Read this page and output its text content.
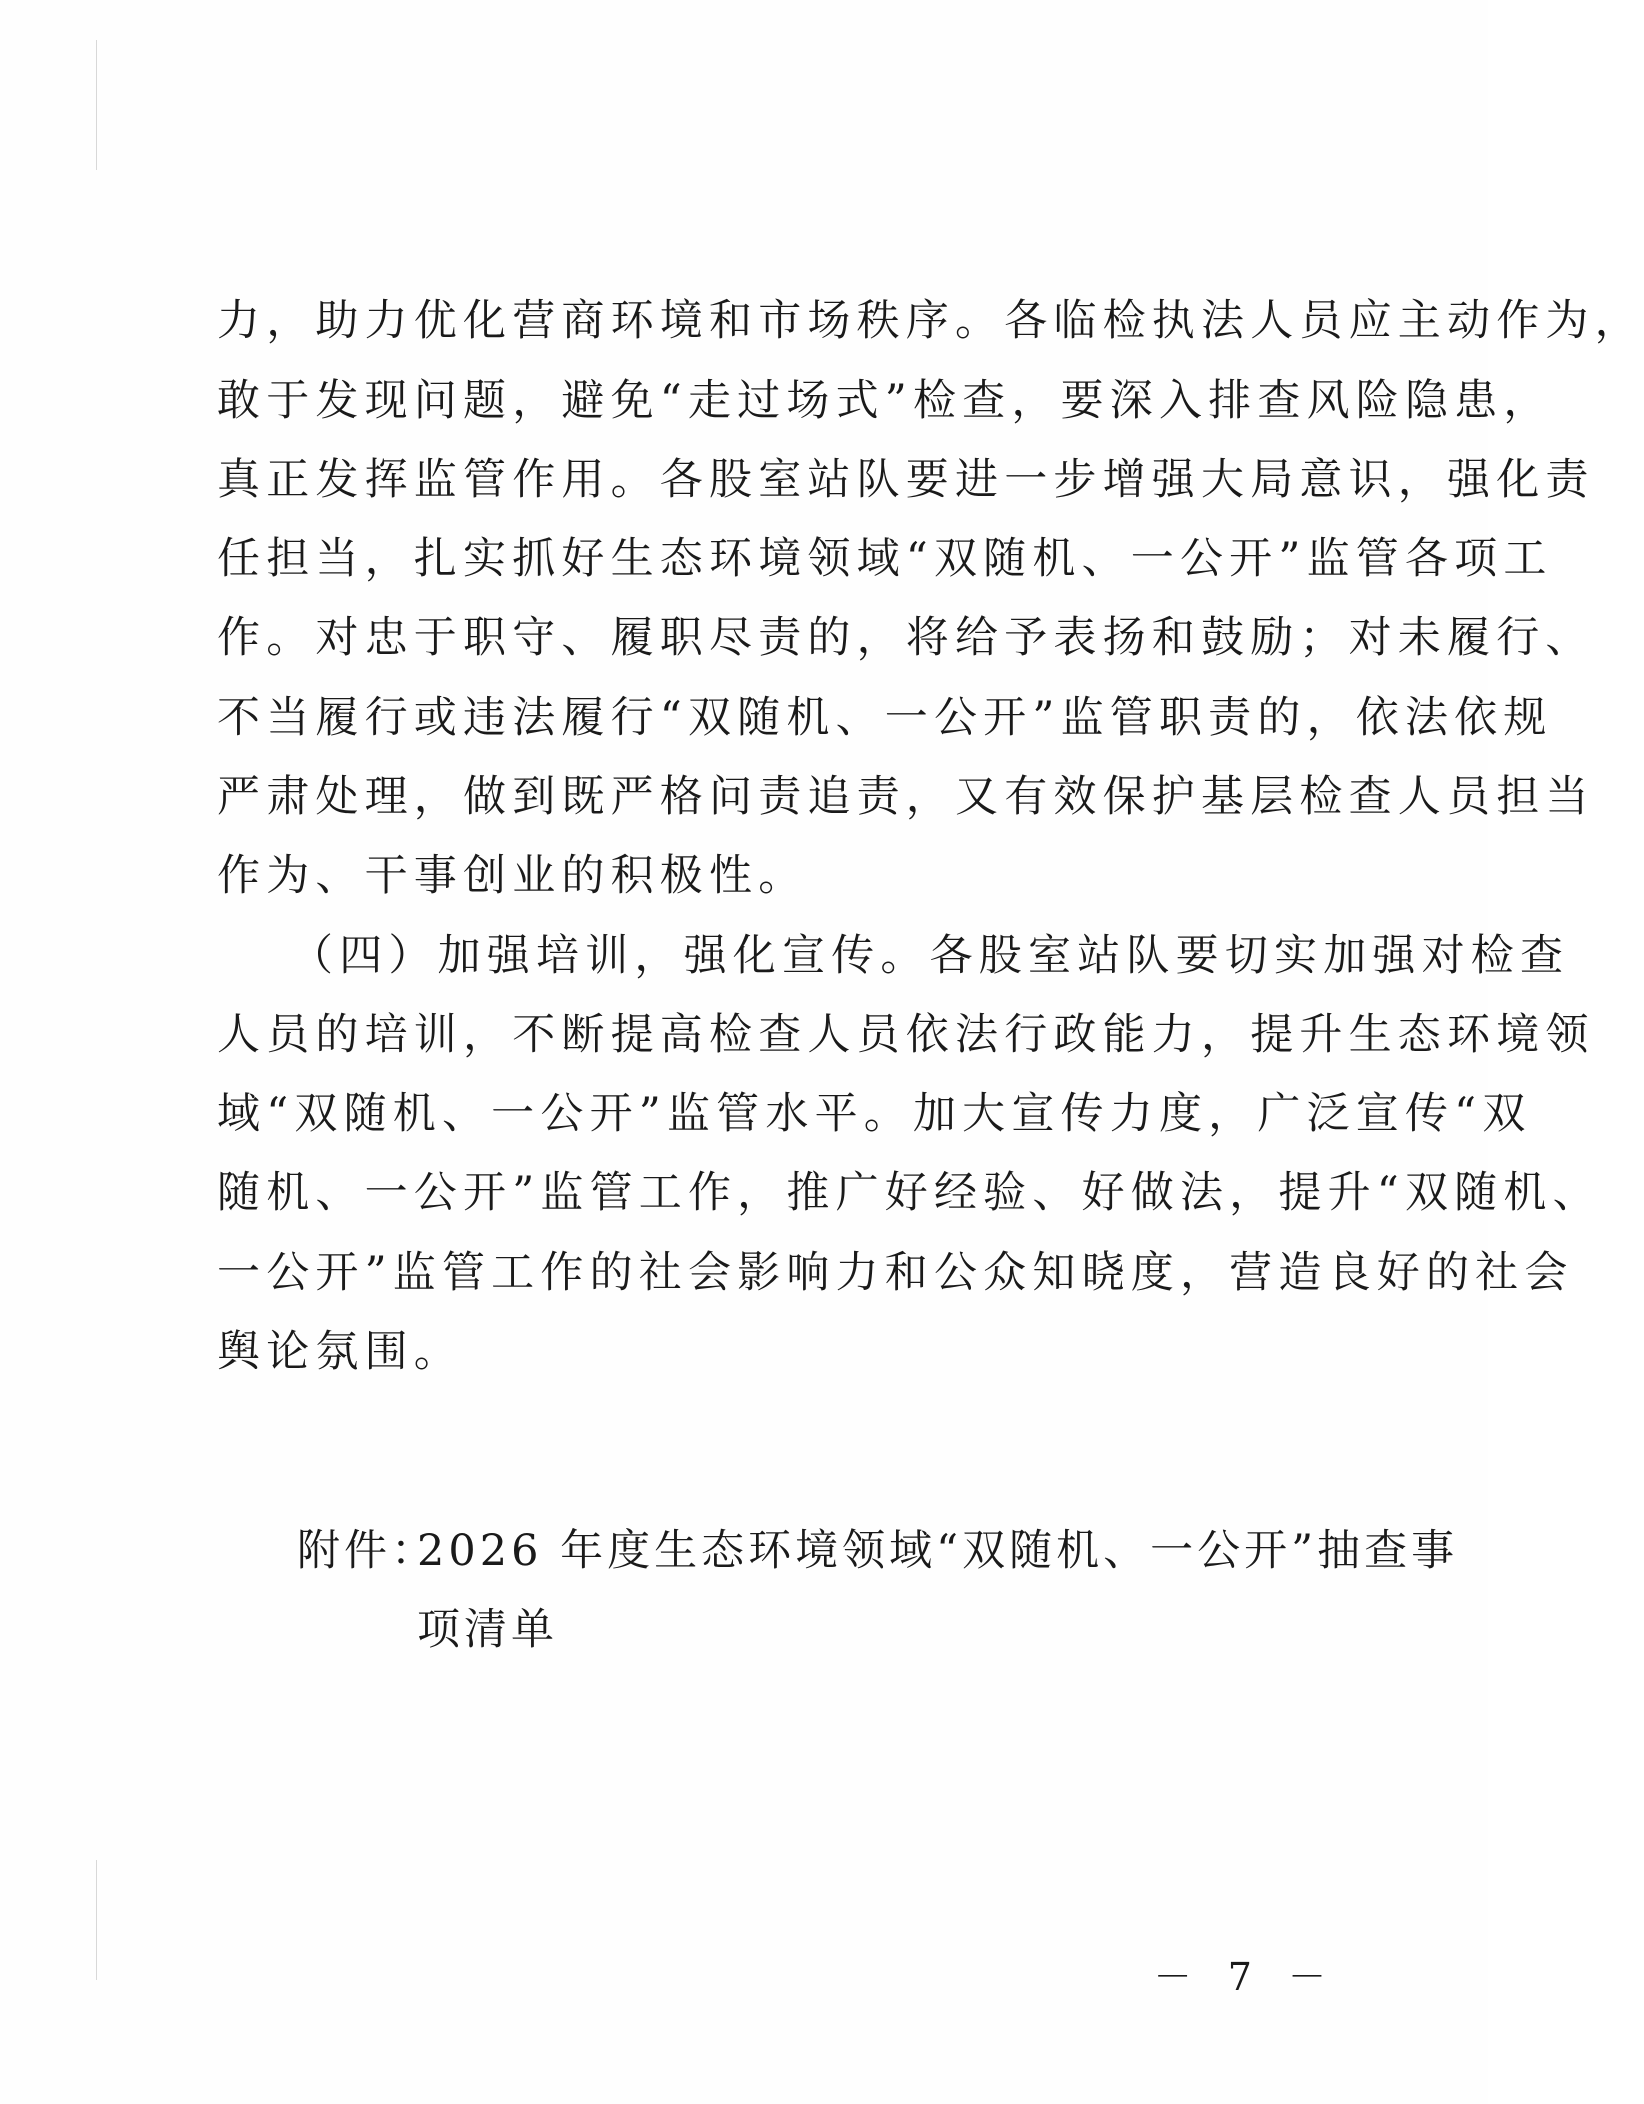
力，助力优化营商环境和市场秩序。各临检执法人员应主动作为，
敢于发现问题，避免“走过场式”检查，要深入排查风险隐患，
真正发挥监管作用。各股室站队要进一步增强大局意识，强化责
任担当，扎实抓好生态环境领域“双随机、一公开”监管各项工
作。对忠于职守、履职尽责的，将给予表扬和鼓励；对未履行、
不当履行或违法履行“双随机、一公开”监管职责的，依法依规
严肃处理，做到既严格问责追责，又有效保护基层检查人员担当
作为、干事创业的积极性。
（四）加强培训，强化宣传。各股室站队要切实加强对检查
人员的培训，不断提高检查人员依法行政能力，提升生态环境领
域“双随机、一公开”监管水平。加大宣传力度，广泛宣传“双
随机、一公开”监管工作，推广好经验、好做法，提升“双随机、
一公开”监管工作的社会影响力和公众知晓度，营造良好的社会
舆论氛围。
附件：
2026 年度生态环境领域“双随机、一公开”抽查事
项清单
－ 7 －
